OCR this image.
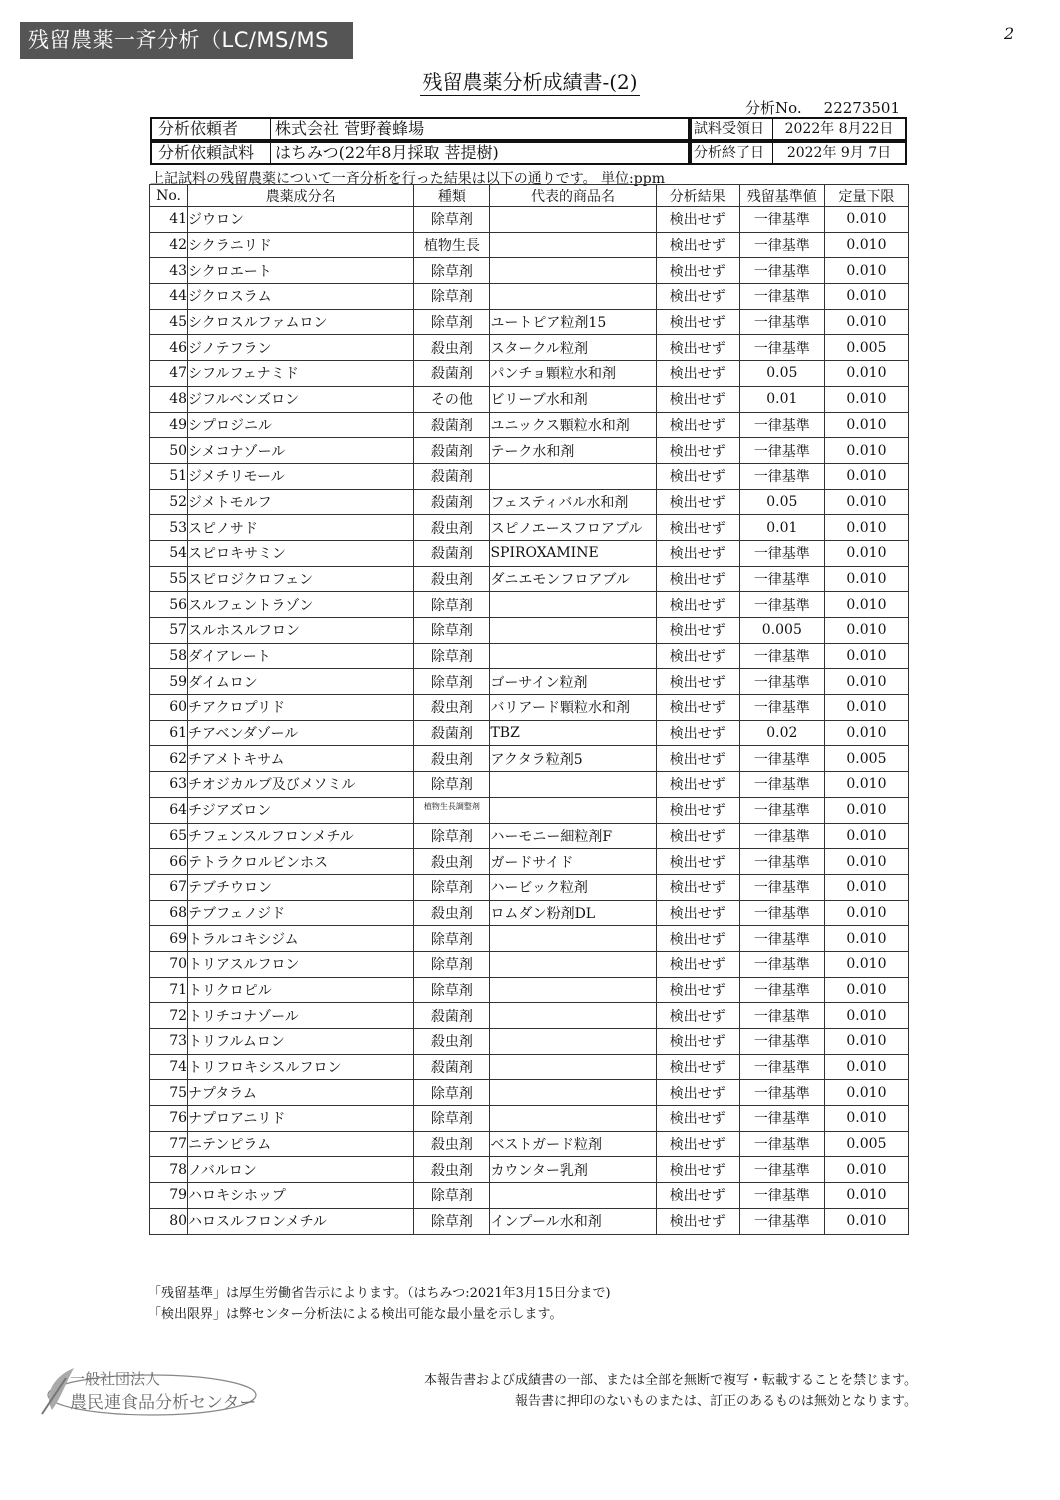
残留農薬一斉分析（LC/MS/MS法）
2
残留農薬分析成績書-(2)
分析No. 22273501
分析依頼者	株式会社 菅野養蜂場
分析依頼試料	はちみつ(22年8月採取 菩提樹)
試料受領日	2022年 8月22日
分析終了日	2022年 9月 7日
上記試料の残留農薬について一斉分析を行った結果は以下の通りです。 単位:ppm
No.	農薬成分名	種類	代表的商品名	分析結果	残留基準値	定量下限
41	ジウロン	除草剤		検出せず	一律基準	0.010
42	シクラニリド	植物生長		検出せず	一律基準	0.010
43	シクロエート	除草剤		検出せず	一律基準	0.010
44	ジクロスラム	除草剤		検出せず	一律基準	0.010
45	シクロスルファムロン	除草剤	ユートピア粒剤15	検出せず	一律基準	0.010
46	ジノテフラン	殺虫剤	スタークル粒剤	検出せず	一律基準	0.005
47	シフルフェナミド	殺菌剤	パンチョ顆粒水和剤	検出せず	0.05	0.010
48	ジフルベンズロン	その他	ビリーブ水和剤	検出せず	0.01	0.010
49	シプロジニル	殺菌剤	ユニックス顆粒水和剤	検出せず	一律基準	0.010
50	シメコナゾール	殺菌剤	テーク水和剤	検出せず	一律基準	0.010
51	ジメチリモール	殺菌剤		検出せず	一律基準	0.010
52	ジメトモルフ	殺菌剤	フェスティバル水和剤	検出せず	0.05	0.010
53	スピノサド	殺虫剤	スピノエースフロアブル	検出せず	0.01	0.010
54	スピロキサミン	殺菌剤	SPIROXAMINE	検出せず	一律基準	0.010
55	スピロジクロフェン	殺虫剤	ダニエモンフロアブル	検出せず	一律基準	0.010
56	スルフェントラゾン	除草剤		検出せず	一律基準	0.010
57	スルホスルフロン	除草剤		検出せず	0.005	0.010
58	ダイアレート	除草剤		検出せず	一律基準	0.010
59	ダイムロン	除草剤	ゴーサイン粒剤	検出せず	一律基準	0.010
60	チアクロプリド	殺虫剤	バリアード顆粒水和剤	検出せず	一律基準	0.010
61	チアベンダゾール	殺菌剤	TBZ	検出せず	0.02	0.010
62	チアメトキサム	殺虫剤	アクタラ粒剤5	検出せず	一律基準	0.005
63	チオジカルブ及びメソミル	除草剤		検出せず	一律基準	0.010
64	チジアズロン	植物生長調整剤		検出せず	一律基準	0.010
65	チフェンスルフロンメチル	除草剤	ハーモニー細粒剤F	検出せず	一律基準	0.010
66	テトラクロルビンホス	殺虫剤	ガードサイド	検出せず	一律基準	0.010
67	テブチウロン	除草剤	ハービック粒剤	検出せず	一律基準	0.010
68	テブフェノジド	殺虫剤	ロムダン粉剤DL	検出せず	一律基準	0.010
69	トラルコキシジム	除草剤		検出せず	一律基準	0.010
70	トリアスルフロン	除草剤		検出せず	一律基準	0.010
71	トリクロピル	除草剤		検出せず	一律基準	0.010
72	トリチコナゾール	殺菌剤		検出せず	一律基準	0.010
73	トリフルムロン	殺虫剤		検出せず	一律基準	0.010
74	トリフロキシスルフロン	殺菌剤		検出せず	一律基準	0.010
75	ナプタラム	除草剤		検出せず	一律基準	0.010
76	ナプロアニリド	除草剤		検出せず	一律基準	0.010
77	ニテンピラム	殺虫剤	ベストガード粒剤	検出せず	一律基準	0.005
78	ノバルロン	殺虫剤	カウンター乳剤	検出せず	一律基準	0.010
79	ハロキシホップ	除草剤		検出せず	一律基準	0.010
80	ハロスルフロンメチル	除草剤	インプール水和剤	検出せず	一律基準	0.010
「残留基準」は厚生労働省告示によります。（はちみつ:2021年3月15日分まで)
「検出限界」は弊センター分析法による検出可能な最小量を示します。
一般社団法人
農民連食品分析センター
本報告書および成績書の一部、または全部を無断で複写・転載することを禁じます。
報告書に押印のないものまたは、訂正のあるものは無効となります。
